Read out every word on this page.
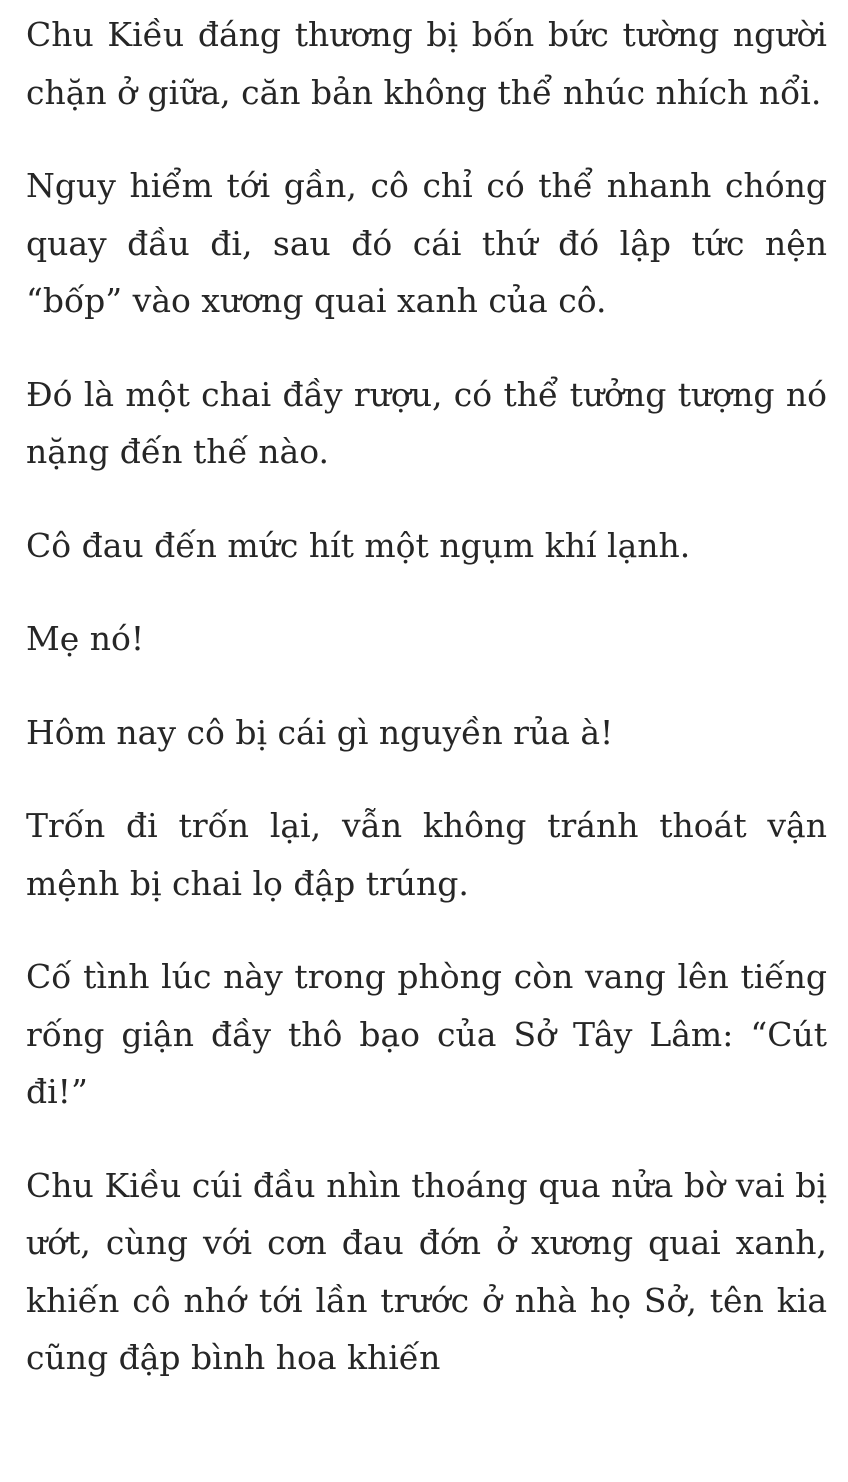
Chu Kiều đáng thương bị bốn bức tường người chặn ở giữa, căn bản không thể nhúc nhích nổi.

Nguy hiểm tới gần, cô chỉ có thể nhanh chóng quay đầu đi, sau đó cái thứ đó lập tức nện “bốp” vào xương quai xanh của cô.

Đó là một chai đầy rượu, có thể tưởng tượng nó nặng đến thế nào.

Cô đau đến mức hít một ngụm khí lạnh.

Mẹ nó!

Hôm nay cô bị cái gì nguyền rủa à!

Trốn đi trốn lại, vẫn không tránh thoát vận mệnh bị chai lọ đập trúng.

Cố tình lúc này trong phòng còn vang lên tiếng rống giận đầy thô bạo của Sở Tây Lâm: “Cút đi!”

Chu Kiều cúi đầu nhìn thoáng qua nửa bờ vai bị ướt, cùng với cơn đau đớn ở xương quai xanh, khiến cô nhớ tới lần trước ở nhà họ Sở, tên kia cũng đập bình hoa khiến
